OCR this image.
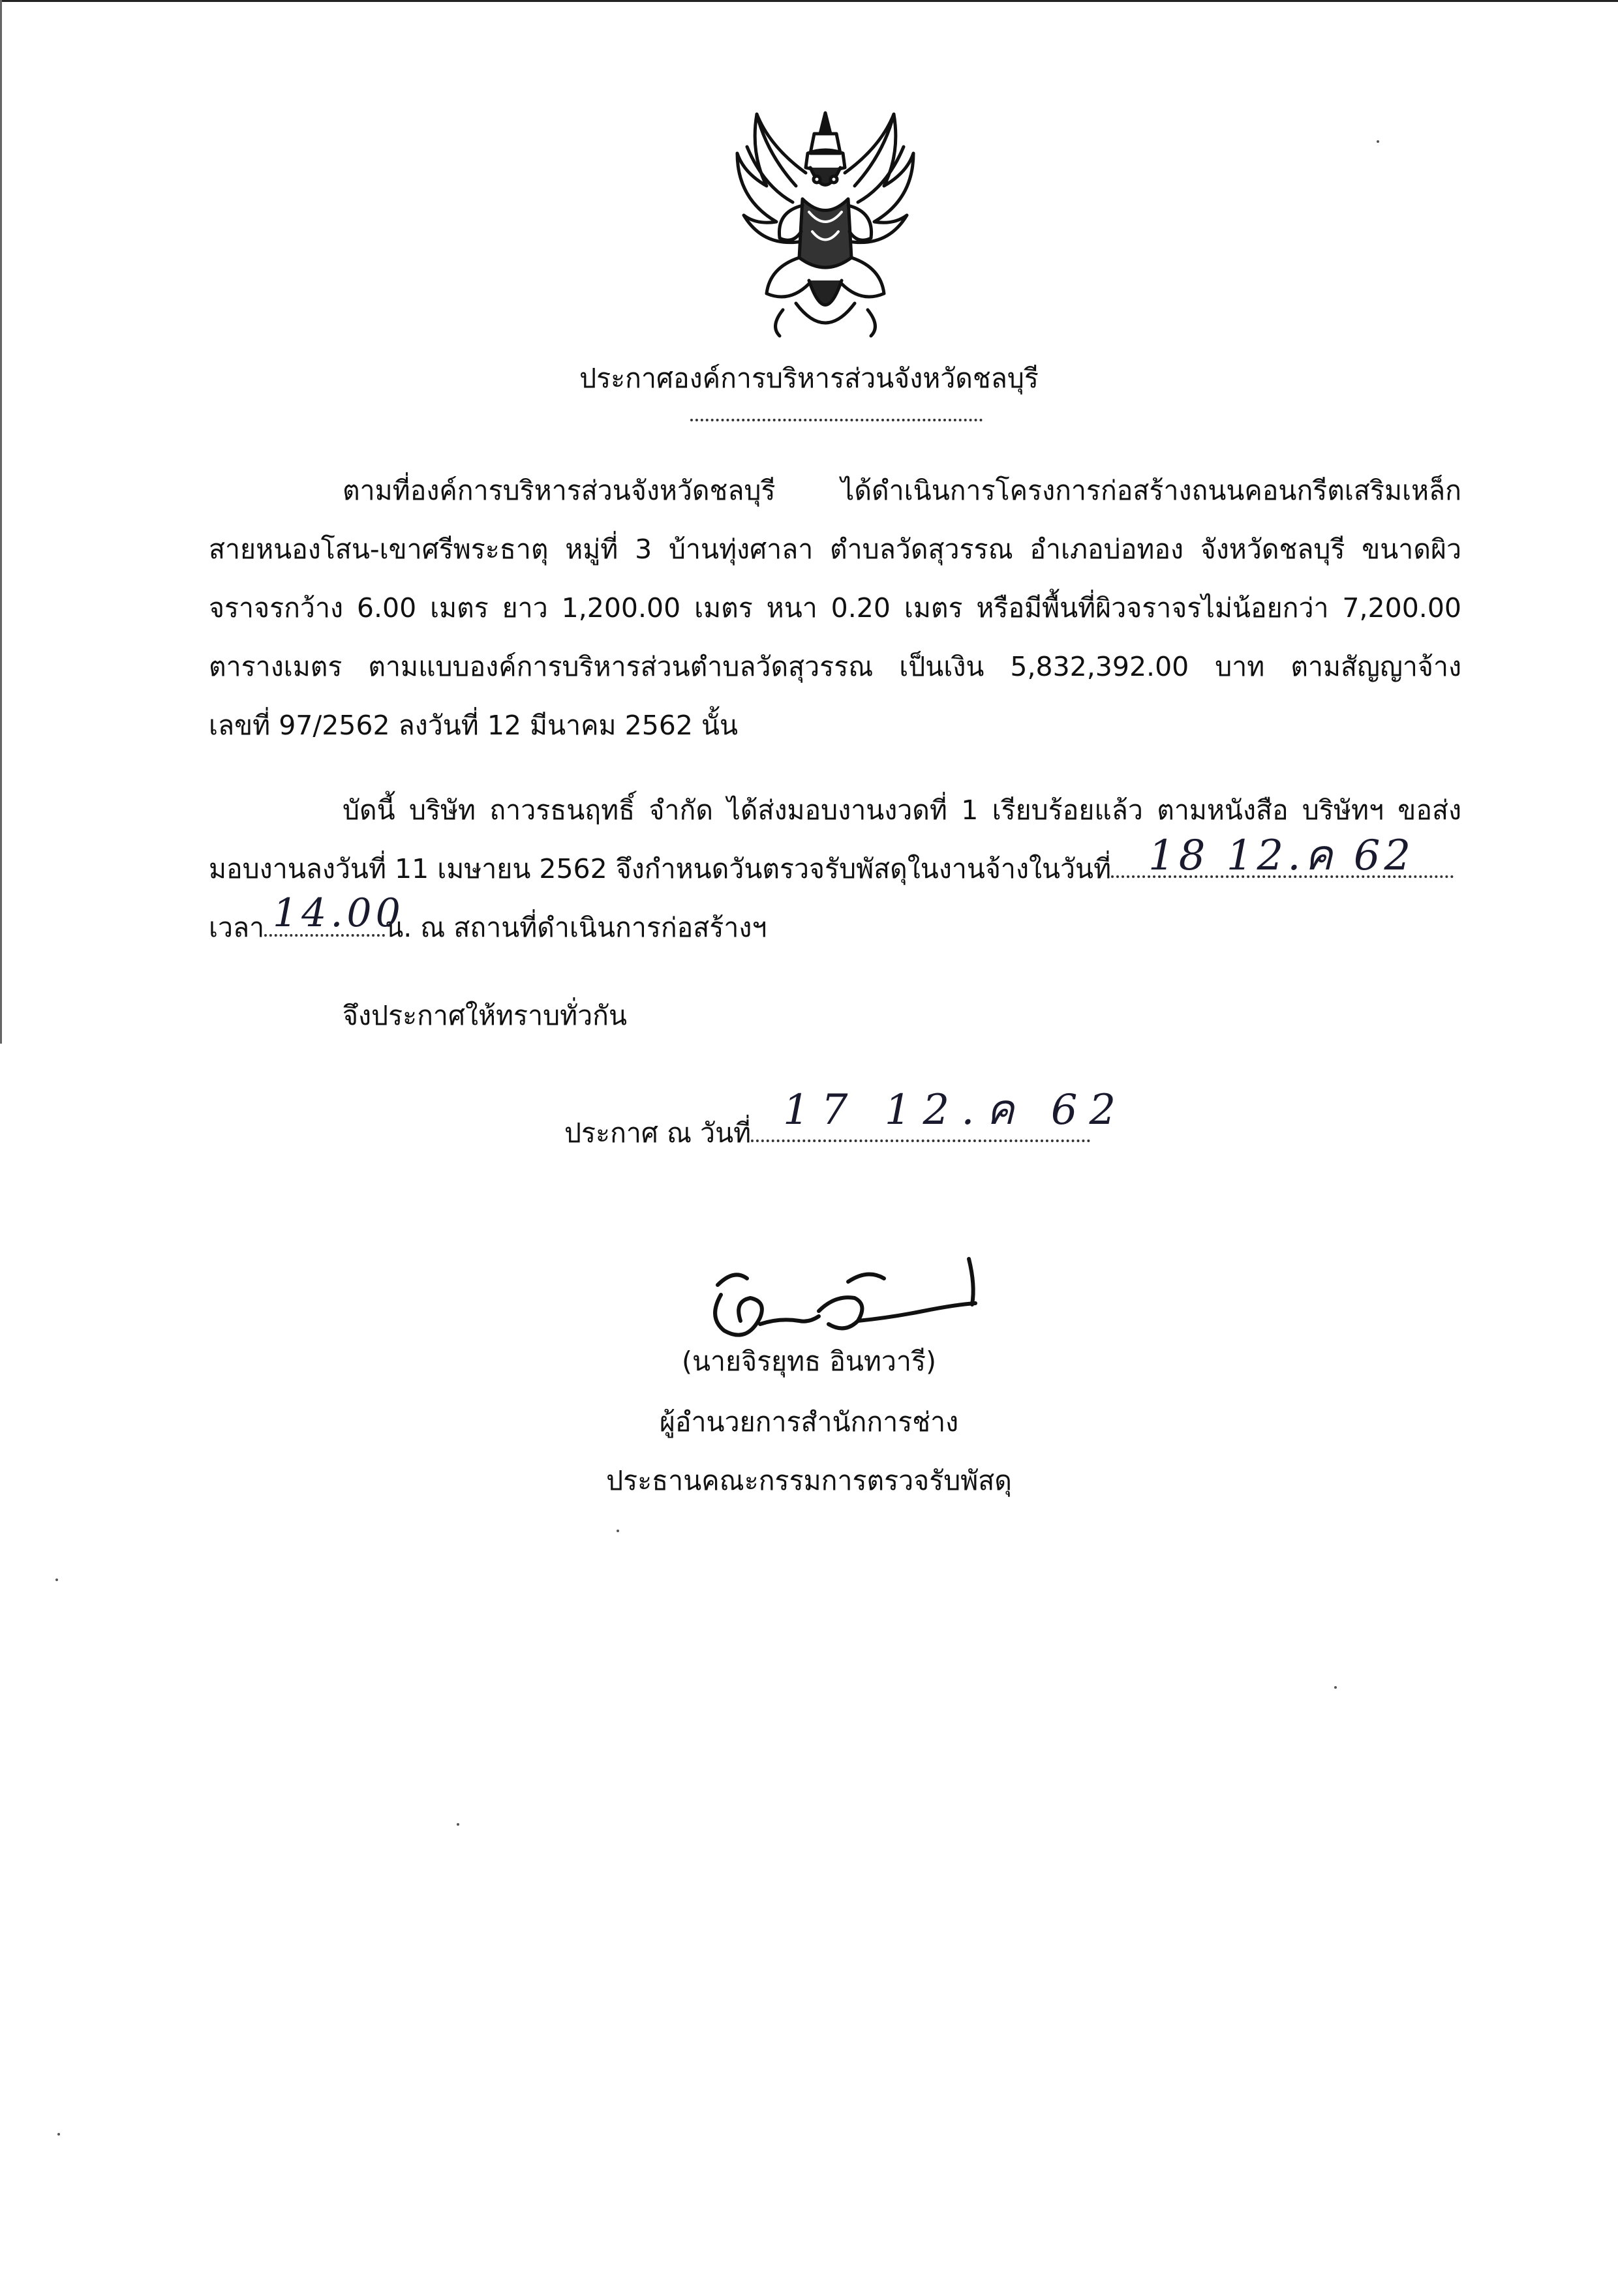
ประกาศองค์การบริหารส่วนจังหวัดชลบุรี
ตามที่องค์การบริหารส่วนจังหวัดชลบุรี ได้ดำเนินการโครงการก่อสร้างถนนคอนกรีตเสริมเหล็ก
สายหนองโสน-เขาศรีพระธาตุ หมู่ที่ 3 บ้านทุ่งศาลา ตำบลวัดสุวรรณ อำเภอบ่อทอง จังหวัดชลบุรี ขนาดผิว
จราจรกว้าง 6.00 เมตร ยาว 1,200.00 เมตร หนา 0.20 เมตร หรือมีพื้นที่ผิวจราจรไม่น้อยกว่า 7,200.00
ตารางเมตร ตามแบบองค์การบริหารส่วนตำบลวัดสุวรรณ เป็นเงิน 5,832,392.00 บาท ตามสัญญาจ้าง
เลขที่ 97/2562 ลงวันที่ 12 มีนาคม 2562 นั้น
บัดนี้ บริษัท ถาวรธนฤทธิ์ จำกัด ได้ส่งมอบงานงวดที่ 1 เรียบร้อยแล้ว ตามหนังสือ บริษัทฯ ขอส่ง
มอบงานลงวันที่ 11 เมษายน 2562 จึงกำหนดวันตรวจรับพัสดุในงานจ้างในวันที่
เวลา	น. ณ สถานที่ดำเนินการก่อสร้างฯ
18 12.ค 62
14.00
จึงประกาศให้ทราบทั่วกัน
ประกาศ ณ วันที่ 17 12.ค 62
(นายจิรยุทธ อินทวารี)
ผู้อำนวยการสำนักการช่าง
ประธานคณะกรรมการตรวจรับพัสดุ
